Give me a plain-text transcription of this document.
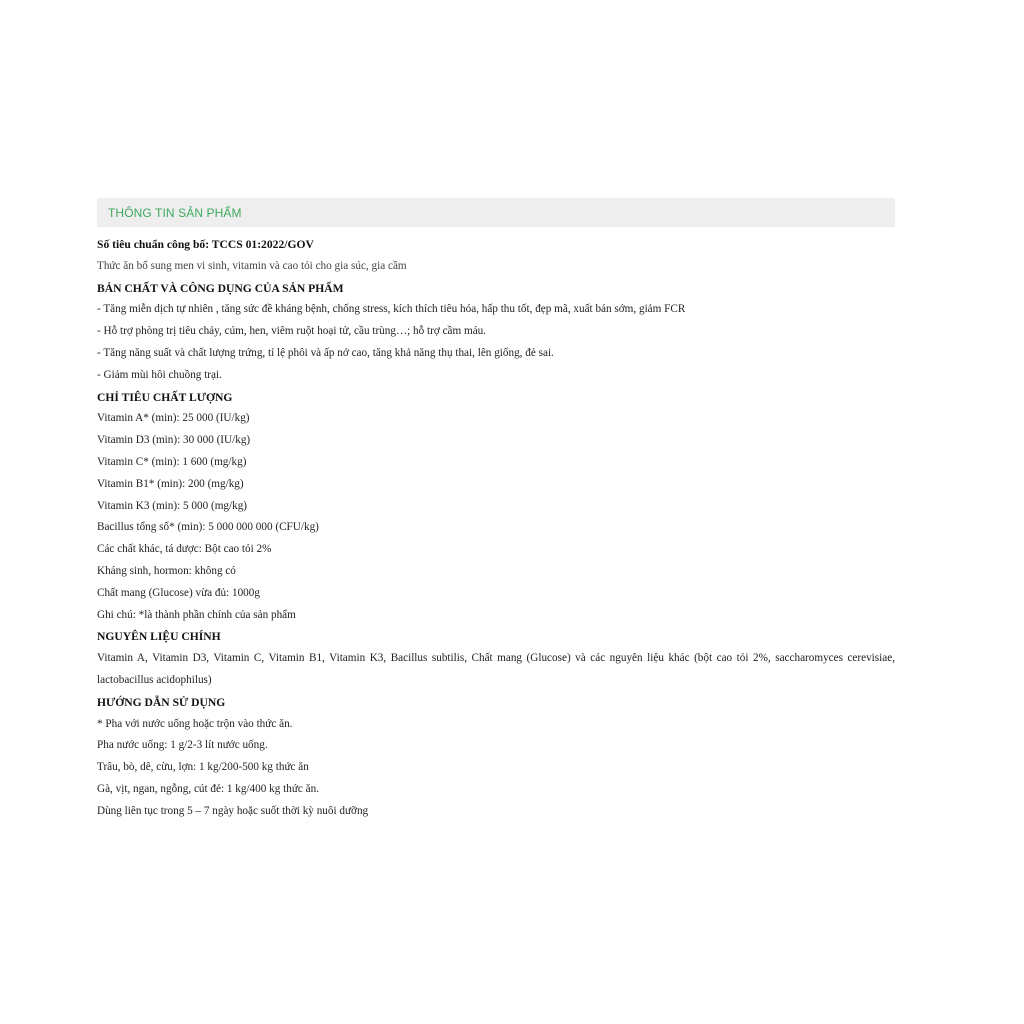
THÔNG TIN SẢN PHẨM
Số tiêu chuẩn công bố: TCCS 01:2022/GOV
Thức ăn bổ sung men vi sinh, vitamin và cao tỏi cho gia súc, gia cầm
BẢN CHẤT VÀ CÔNG DỤNG CỦA SẢN PHẨM
- Tăng miễn dịch tự nhiên , tăng sức đề kháng bệnh, chống stress, kích thích tiêu hóa, hấp thu tốt, đẹp mã, xuất bán sớm, giảm FCR
- Hỗ trợ phòng trị tiêu chảy, cúm, hen, viêm ruột hoại tử, cầu trùng…; hỗ trợ cầm máu.
- Tăng năng suất và chất lượng trứng, tỉ lệ phôi và ấp nở cao, tăng khả năng thụ thai, lên giống, đẻ sai.
- Giảm mùi hôi chuồng trại.
CHỈ TIÊU CHẤT LƯỢNG
Vitamin A* (min): 25 000 (IU/kg)
Vitamin D3 (min): 30 000 (IU/kg)
Vitamin C* (min): 1 600 (mg/kg)
Vitamin B1* (min): 200 (mg/kg)
Vitamin K3 (min): 5 000 (mg/kg)
Bacillus tổng số* (min): 5 000 000 000 (CFU/kg)
Các chất khác, tá dược: Bột cao tỏi 2%
Kháng sinh, hormon: không có
Chất mang (Glucose) vừa đủ: 1000g
Ghi chú: *là thành phần chính của sản phẩm
NGUYÊN LIỆU CHÍNH
Vitamin A, Vitamin D3, Vitamin C, Vitamin B1, Vitamin K3, Bacillus subtilis, Chất mang (Glucose) và các nguyên liệu khác (bột cao tỏi 2%, saccharomyces cerevisiae, lactobacillus acidophilus)
HƯỚNG DẪN SỬ DỤNG
* Pha với nước uống hoặc trộn vào thức ăn.
Pha nước uống: 1 g/2-3 lít nước uống.
Trâu, bò, dê, cừu, lợn: 1 kg/200-500 kg thức ăn
Gà, vịt, ngan, ngỗng, cút đẻ: 1 kg/400 kg thức ăn.
Dùng liên tục trong 5 – 7 ngày hoặc suốt thời kỳ nuôi dưỡng
